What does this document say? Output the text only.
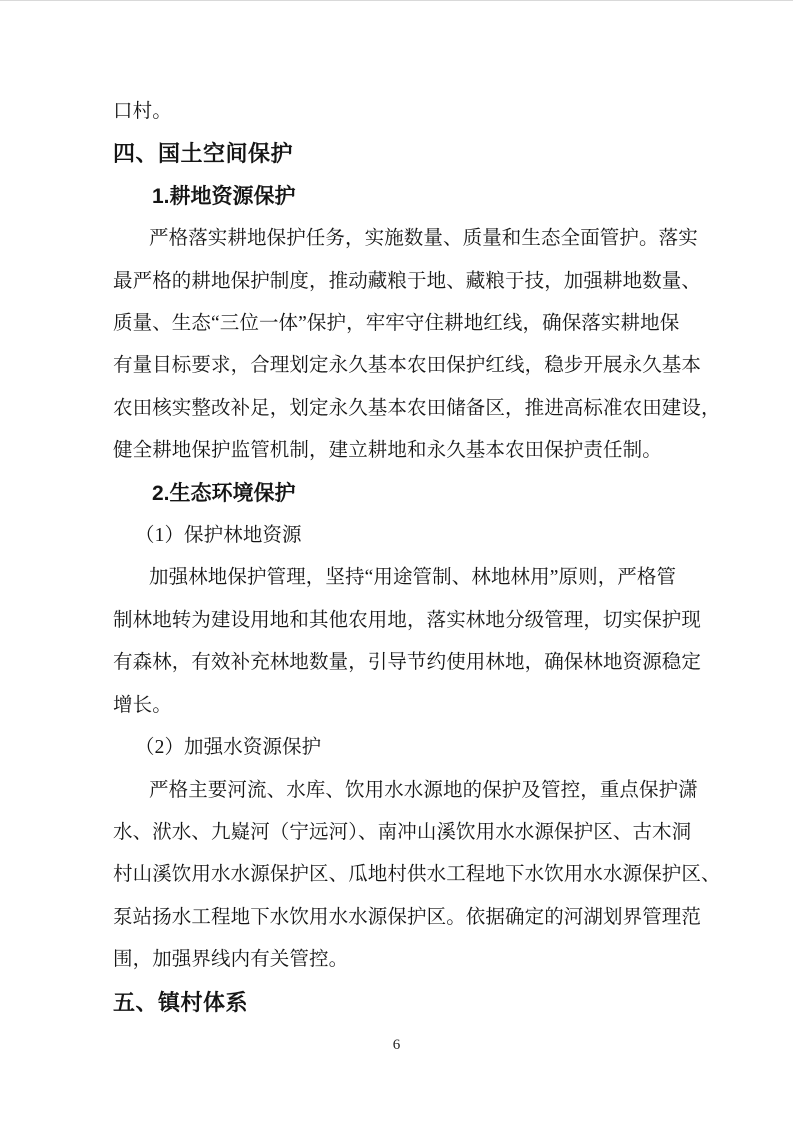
口村。
四、国土空间保护
1.耕地资源保护
严格落实耕地保护任务，实施数量、质量和生态全面管护。落实
最严格的耕地保护制度，推动藏粮于地、藏粮于技，加强耕地数量、
质量、生态“三位一体”保护，牢牢守住耕地红线，确保落实耕地保
有量目标要求，合理划定永久基本农田保护红线，稳步开展永久基本
农田核实整改补足，划定永久基本农田储备区，推进高标准农田建设，
健全耕地保护监管机制，建立耕地和永久基本农田保护责任制。
2.生态环境保护
（1）保护林地资源
加强林地保护管理，坚持“用途管制、林地林用”原则，严格管
制林地转为建设用地和其他农用地，落实林地分级管理，切实保护现
有森林，有效补充林地数量，引导节约使用林地，确保林地资源稳定
增长。
（2）加强水资源保护
严格主要河流、水库、饮用水水源地的保护及管控，重点保护潇
水、洑水、九嶷河（宁远河）、南冲山溪饮用水水源保护区、古木洞
村山溪饮用水水源保护区、瓜地村供水工程地下水饮用水水源保护区、
泵站扬水工程地下水饮用水水源保护区。依据确定的河湖划界管理范
围，加强界线内有关管控。
五、镇村体系
6
